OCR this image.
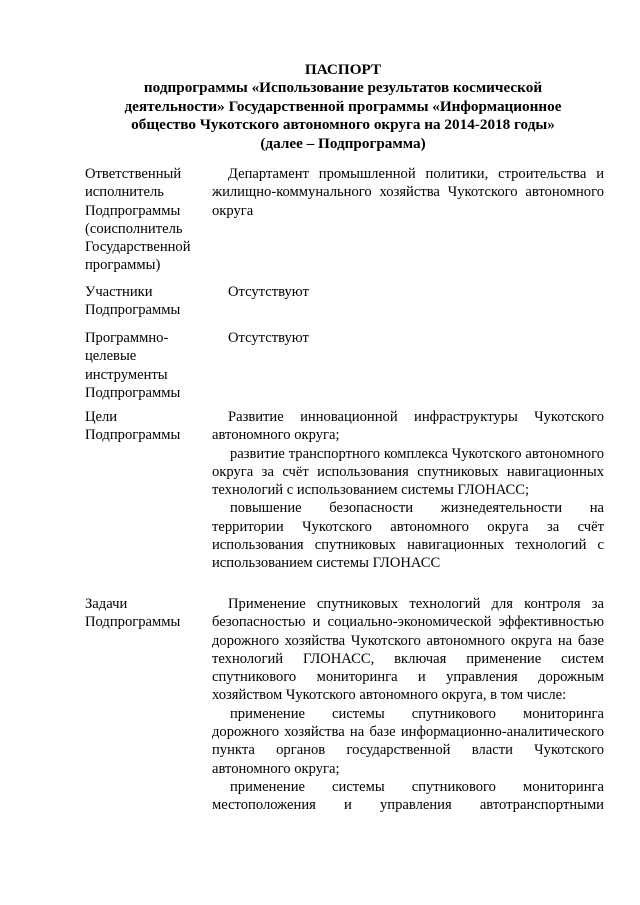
ПАСПОРТ
подпрограммы «Использование результатов космической
деятельности» Государственной программы «Информационное
общество Чукотского автономного округа на 2014-2018 годы»
(далее – Подпрограмма)
Ответственный
исполнитель
Подпрограммы
(соисполнитель
Государственной
программы)

Департамент промышленной политики, строительства и жилищно-коммунального хозяйства Чукотского автономного округа

Участники
Подпрограммы

Отсутствуют

Программно-
целевые
инструменты
Подпрограммы

Отсутствуют

Цели
Подпрограммы

Развитие инновационной инфраструктуры Чукотского автономного округа;

развитие транспортного комплекса Чукотского автономного округа за счёт использования спутниковых навигационных технологий с использованием системы ГЛОНАСС;

повышение безопасности жизнедеятельности на территории Чукотского автономного округа за счёт использования спутниковых навигационных технологий с использованием системы ГЛОНАСС

Задачи
Подпрограммы

Применение спутниковых технологий для контроля за безопасностью и социально-экономической эффективностью дорожного хозяйства Чукотского автономного округа на базе технологий ГЛОНАСС, включая применение систем спутникового мониторинга и управления дорожным хозяйством Чукотского автономного округа, в том числе:

применение системы спутникового мониторинга дорожного хозяйства на базе информационно-аналитического пункта органов государственной власти Чукотского автономного округа;

применение системы спутникового мониторинга местоположения и управления автотранспортными
